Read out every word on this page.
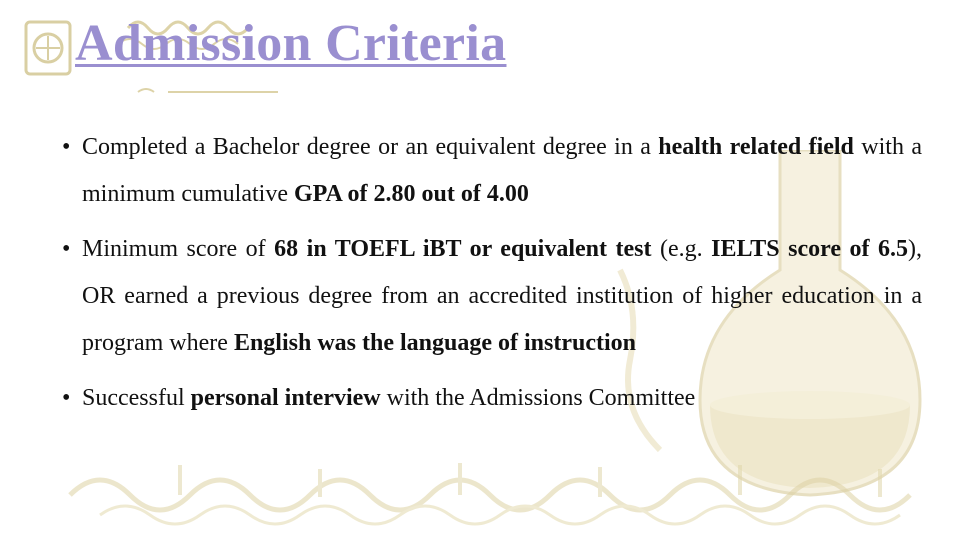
Admission Criteria
• Completed a Bachelor degree or an equivalent degree in a health related field with a minimum cumulative GPA of 2.80 out of 4.00
• Minimum score of 68 in TOEFL iBT or equivalent test (e.g. IELTS score of 6.5), OR earned a previous degree from an accredited institution of higher education in a program where English was the language of instruction
• Successful personal interview with the Admissions Committee
